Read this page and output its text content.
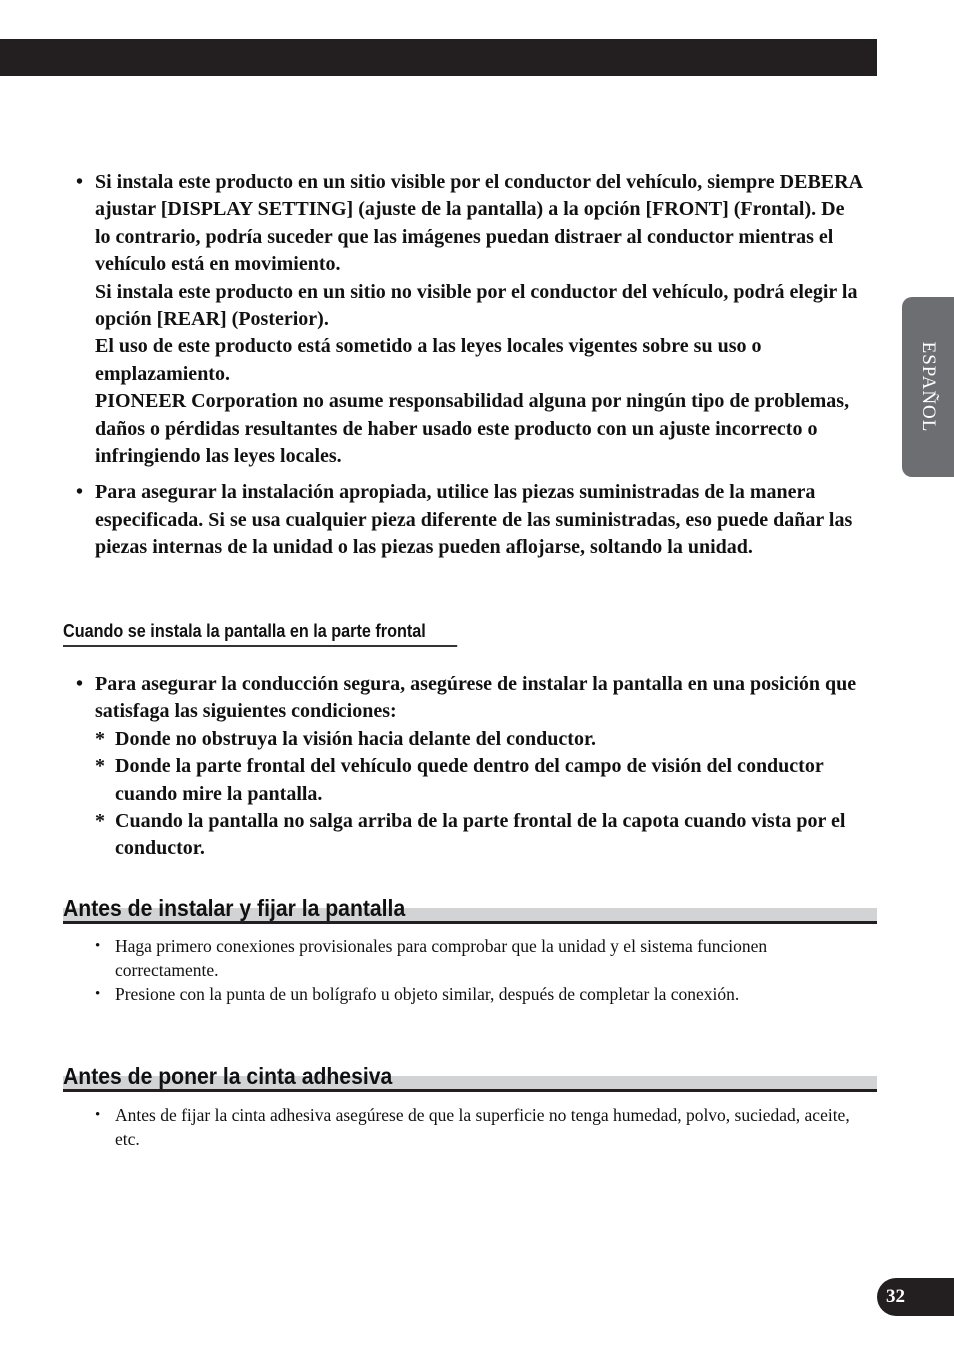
ESPAÑOL

• Si instala este producto en un sitio visible por el conductor del vehículo, siempre DEBERA ajustar [DISPLAY SETTING] (ajuste de la pantalla) a la opción [FRONT] (Frontal). De lo contrario, podría suceder que las imágenes puedan distraer al conductor mientras el vehículo está en movimiento.

Si instala este producto en un sitio no visible por el conductor del vehículo, podrá elegir la opción [REAR] (Posterior).

El uso de este producto está sometido a las leyes locales vigentes sobre su uso o emplazamiento.

PIONEER Corporation no asume responsabilidad alguna por ningún tipo de problemas, daños o pérdidas resultantes de haber usado este producto con un ajuste incorrecto o infringiendo las leyes locales.

• Para asegurar la instalación apropiada, utilice las piezas suministradas de la manera especificada. Si se usa cualquier pieza diferente de las suministradas, eso puede dañar las piezas internas de la unidad o las piezas pueden aflojarse, soltando la unidad.
Cuando se instala la pantalla en la parte frontal

• Para asegurar la conducción segura, asegúrese de instalar la pantalla en una posición que satisfaga las siguientes condiciones:

* Donde no obstruya la visión hacia delante del conductor.
* Donde la parte frontal del vehículo quede dentro del campo de visión del conductor cuando mire la pantalla.
* Cuando la pantalla no salga arriba de la parte frontal de la capota cuando vista por el conductor.
Antes de instalar y fijar la pantalla
• Haga primero conexiones provisionales para comprobar que la unidad y el sistema funcionen correctamente.
• Presione con la punta de un bolígrafo u objeto similar, después de completar la conexión.
Antes de poner la cinta adhesiva
• Antes de fijar la cinta adhesiva asegúrese de que la superficie no tenga humedad, polvo, suciedad, aceite, etc.
32
